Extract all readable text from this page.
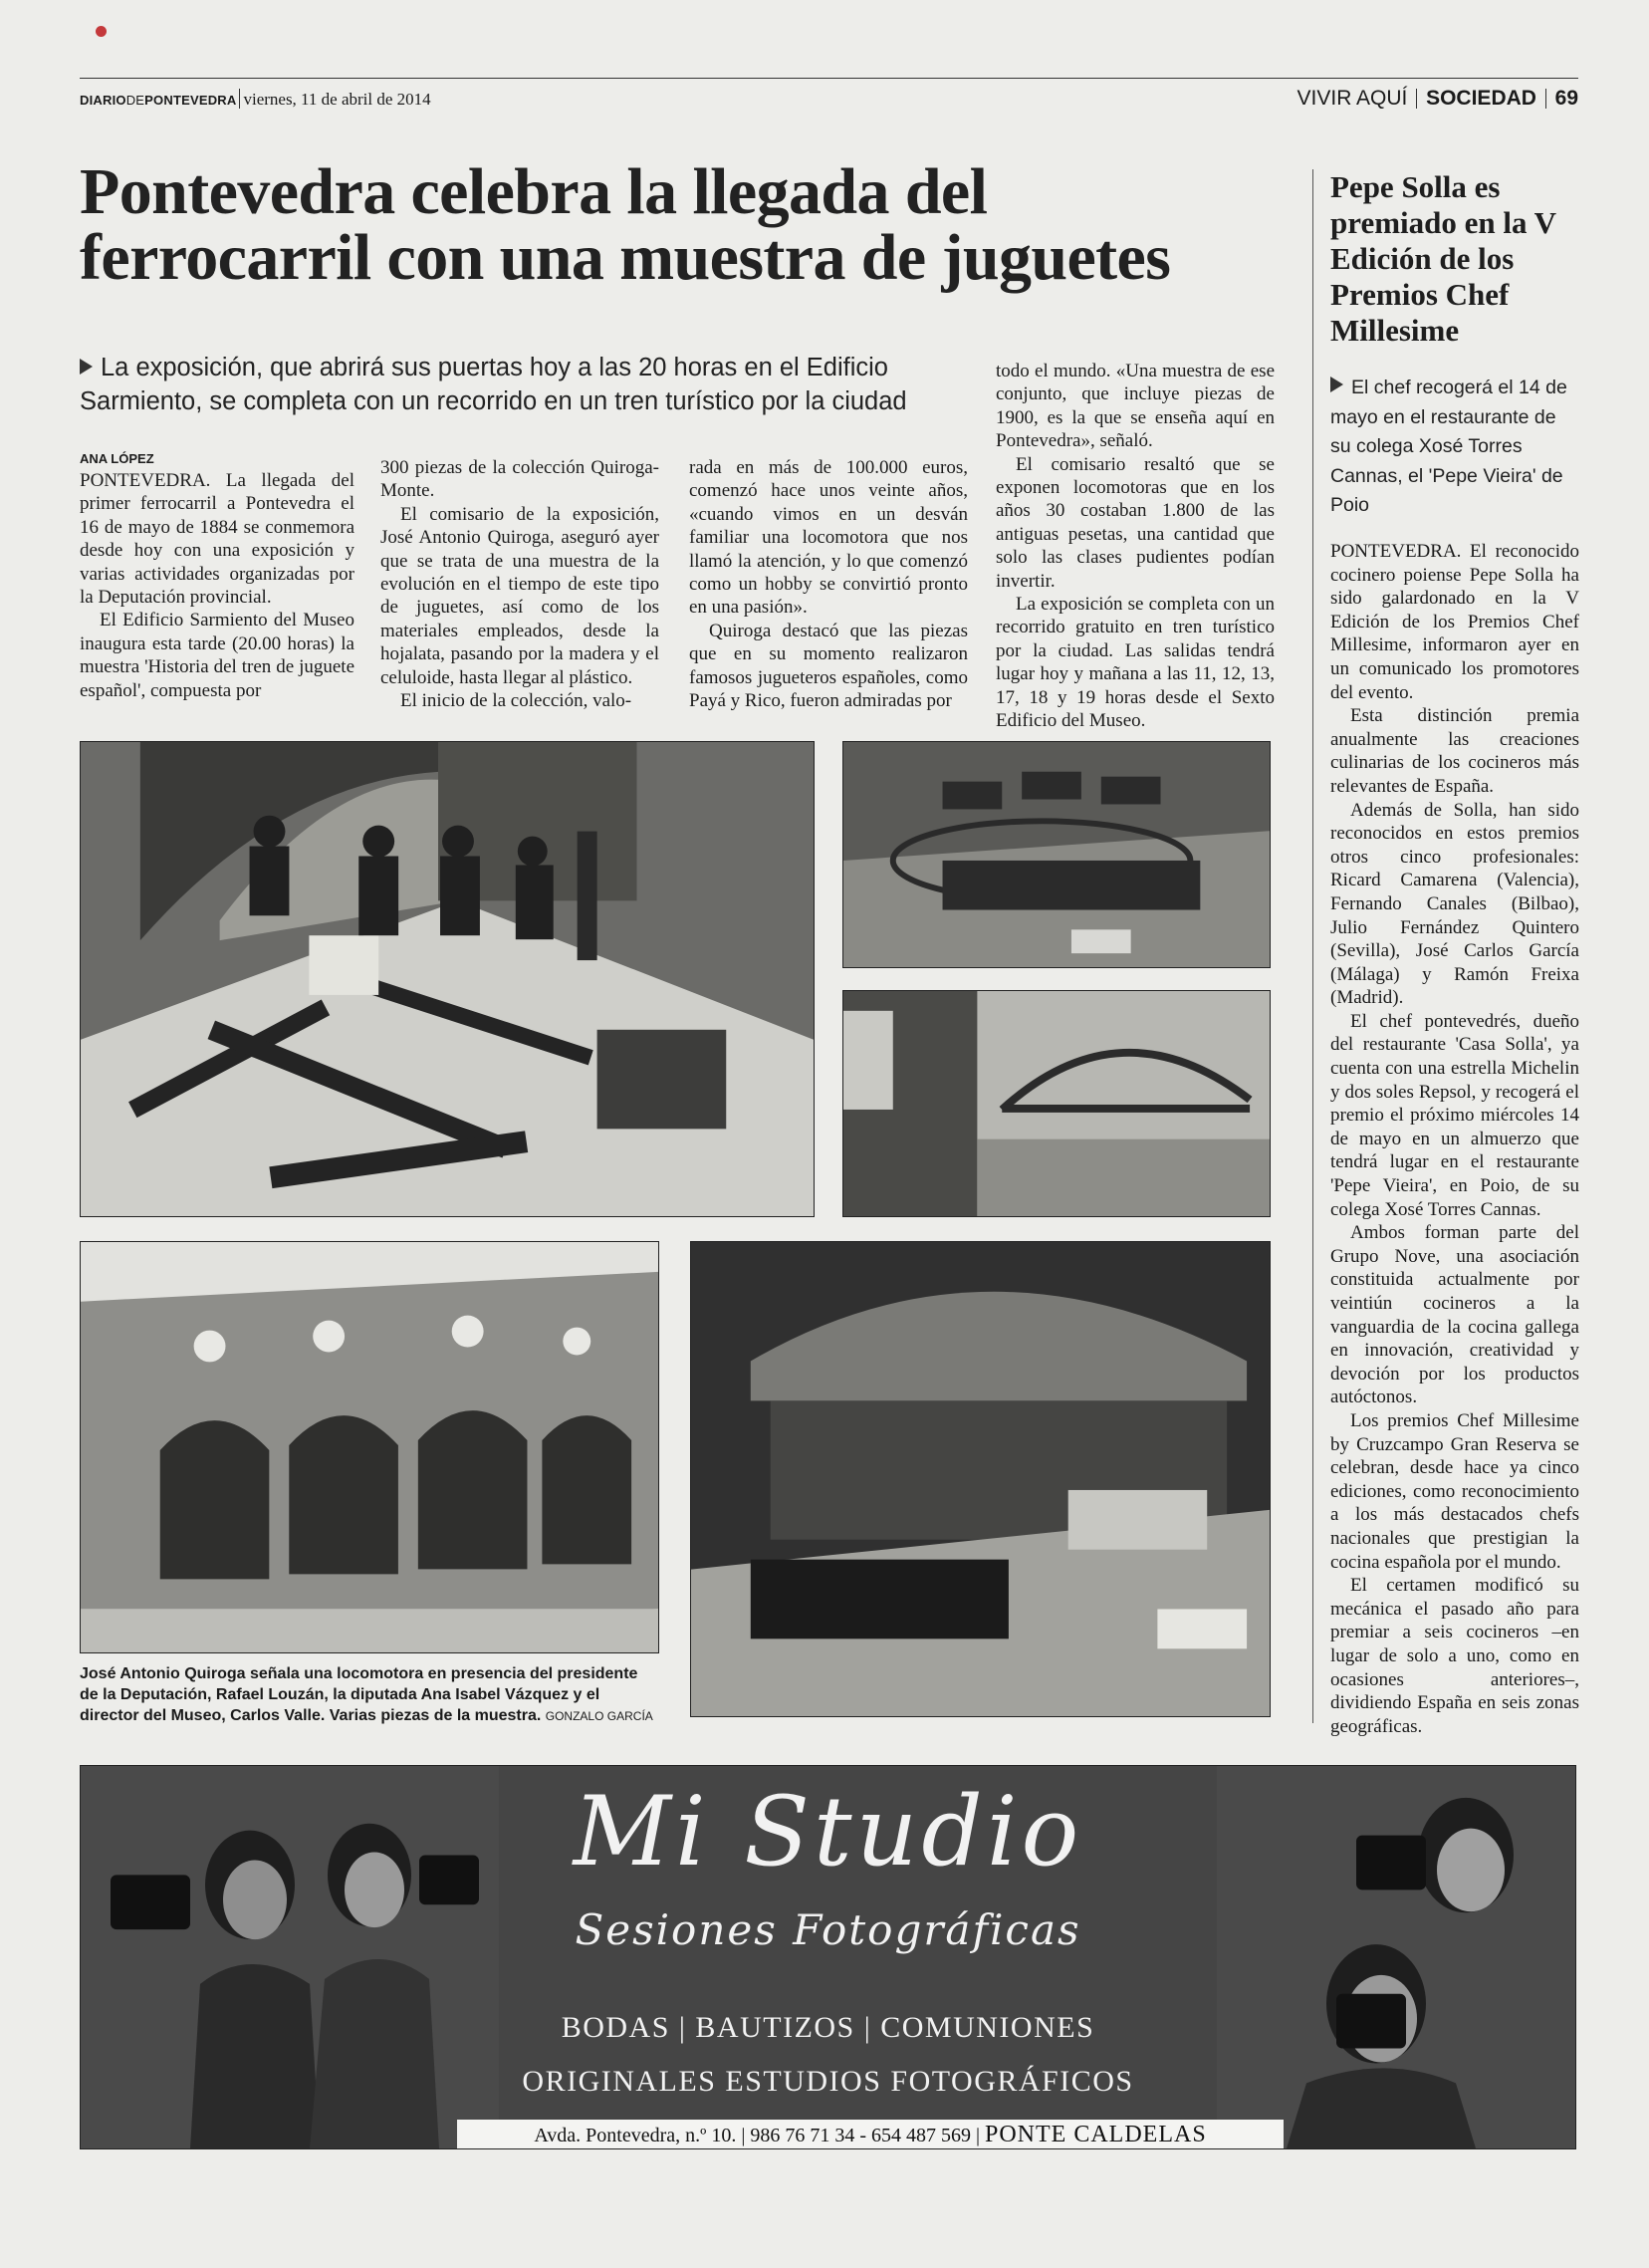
DIARIODEPONTEVEDRA viernes, 11 de abril de 2014	VIVIR AQUÍ SOCIEDAD 69
Pontevedra celebra la llegada del ferrocarril con una muestra de juguetes
La exposición, que abrirá sus puertas hoy a las 20 horas en el Edificio Sarmiento, se completa con un recorrido en un tren turístico por la ciudad
ANA LÓPEZ

PONTEVEDRA. La llegada del primer ferrocarril a Pontevedra el 16 de mayo de 1884 se conmemora desde hoy con una exposición y varias actividades organizadas por la Deputación provincial.

El Edificio Sarmiento del Museo inaugura esta tarde (20.00 horas) la muestra 'Historia del tren de juguete español', compuesta por

300 piezas de la colección Quiroga-Monte.

El comisario de la exposición, José Antonio Quiroga, aseguró ayer que se trata de una muestra de la evolución en el tiempo de este tipo de juguetes, así como de los materiales empleados, desde la hojalata, pasando por la madera y el celuloide, hasta llegar al plástico.

El inicio de la colección, valo-

rada en más de 100.000 euros, comenzó hace unos veinte años, «cuando vimos en un desván familiar una locomotora que nos llamó la atención, y lo que comenzó como un hobby se convirtió pronto en una pasión».

Quiroga destacó que las piezas que en su momento realizaron famosos jugueteros españoles, como Payá y Rico, fueron admiradas por

todo el mundo. «Una muestra de ese conjunto, que incluye piezas de 1900, es la que se enseña aquí en Pontevedra», señaló.

El comisario resaltó que se exponen locomotoras que en los años 30 costaban 1.800 de las antiguas pesetas, una cantidad que solo las clases pudientes podían invertir.

La exposición se completa con un recorrido gratuito en tren turístico por la ciudad. Las salidas tendrá lugar hoy y mañana a las 11, 12, 13, 17, 18 y 19 horas desde el Sexto Edificio del Museo.

José Antonio Quiroga señala una locomotora en presencia del presidente de la Deputación, Rafael Louzán, la diputada Ana Isabel Vázquez y el director del Museo, Carlos Valle. Varias piezas de la muestra. GONZALO GARCÍA
Pepe Solla es premiado en la V Edición de los Premios Chef Millesime
El chef recogerá el 14 de mayo en el restaurante de su colega Xosé Torres Cannas, el 'Pepe Vieira' de Poio

PONTEVEDRA. El reconocido cocinero poiense Pepe Solla ha sido galardonado en la V Edición de los Premios Chef Millesime, informaron ayer en un comunicado los promotores del evento.

Esta distinción premia anualmente las creaciones culinarias de los cocineros más relevantes de España.

Además de Solla, han sido reconocidos en estos premios otros cinco profesionales: Ricard Camarena (Valencia), Fernando Canales (Bilbao), Julio Fernández Quintero (Sevilla), José Carlos García (Málaga) y Ramón Freixa (Madrid).

El chef pontevedrés, dueño del restaurante 'Casa Solla', ya cuenta con una estrella Michelin y dos soles Repsol, y recogerá el premio el próximo miércoles 14 de mayo en un almuerzo que tendrá lugar en el restaurante 'Pepe Vieira', en Poio, de su colega Xosé Torres Cannas.

Ambos forman parte del Grupo Nove, una asociación constituida actualmente por veintiún cocineros a la vanguardia de la cocina gallega en innovación, creatividad y devoción por los productos autóctonos.

Los premios Chef Millesime by Cruzcampo Gran Reserva se celebran, desde hace ya cinco ediciones, como reconocimiento a los más destacados chefs nacionales que prestigian la cocina española por el mundo.

El certamen modificó su mecánica el pasado año para premiar a seis cocineros –en lugar de solo a uno, como en ocasiones anteriores–, dividiendo España en seis zonas geográficas.

Mi Studio
Sesiones Fotográficas
BODAS | BAUTIZOS | COMUNIONES
ORIGINALES ESTUDIOS FOTOGRÁFICOS
Avda. Pontevedra, n.º 10. | 986 76 71 34 - 654 487 569 | PONTE CALDELAS
